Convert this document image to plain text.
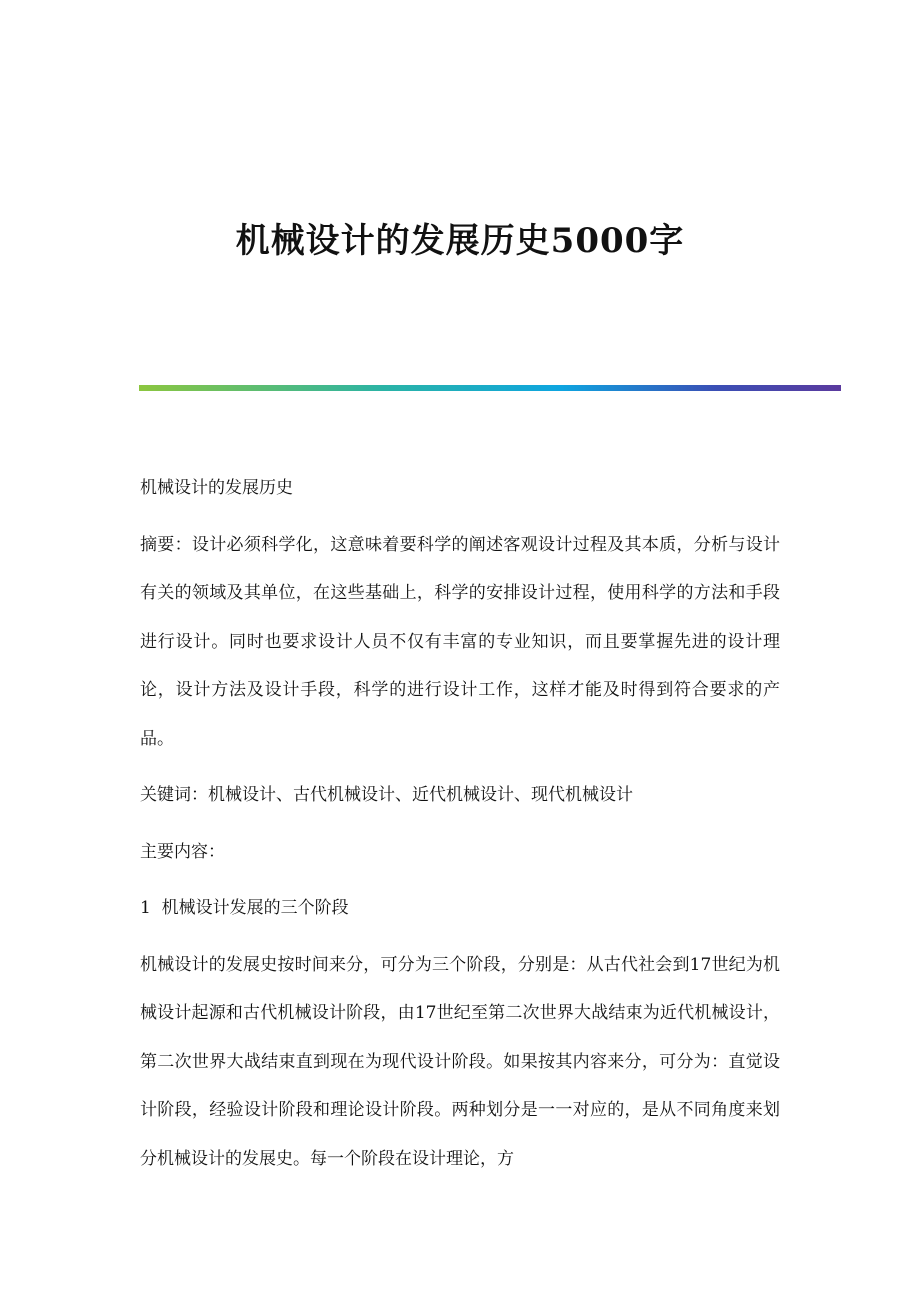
机械设计的发展历史5000字

机械设计的发展历史

摘要：设计必须科学化，这意味着要科学的阐述客观设计过程及其本质，分析与设计有关的领域及其单位，在这些基础上，科学的安排设计过程，使用科学的方法和手段进行设计。同时也要求设计人员不仅有丰富的专业知识，而且要掌握先进的设计理论，设计方法及设计手段，科学的进行设计工作，这样才能及时得到符合要求的产品。

关键词：机械设计、古代机械设计、近代机械设计、现代机械设计

主要内容：

1  机械设计发展的三个阶段

机械设计的发展史按时间来分，可分为三个阶段，分别是：从古代社会到17世纪为机械设计起源和古代机械设计阶段，由17世纪至第二次世界大战结束为近代机械设计，第二次世界大战结束直到现在为现代设计阶段。如果按其内容来分，可分为：直觉设计阶段，经验设计阶段和理论设计阶段。两种划分是一一对应的，是从不同角度来划分机械设计的发展史。每一个阶段在设计理论，方
